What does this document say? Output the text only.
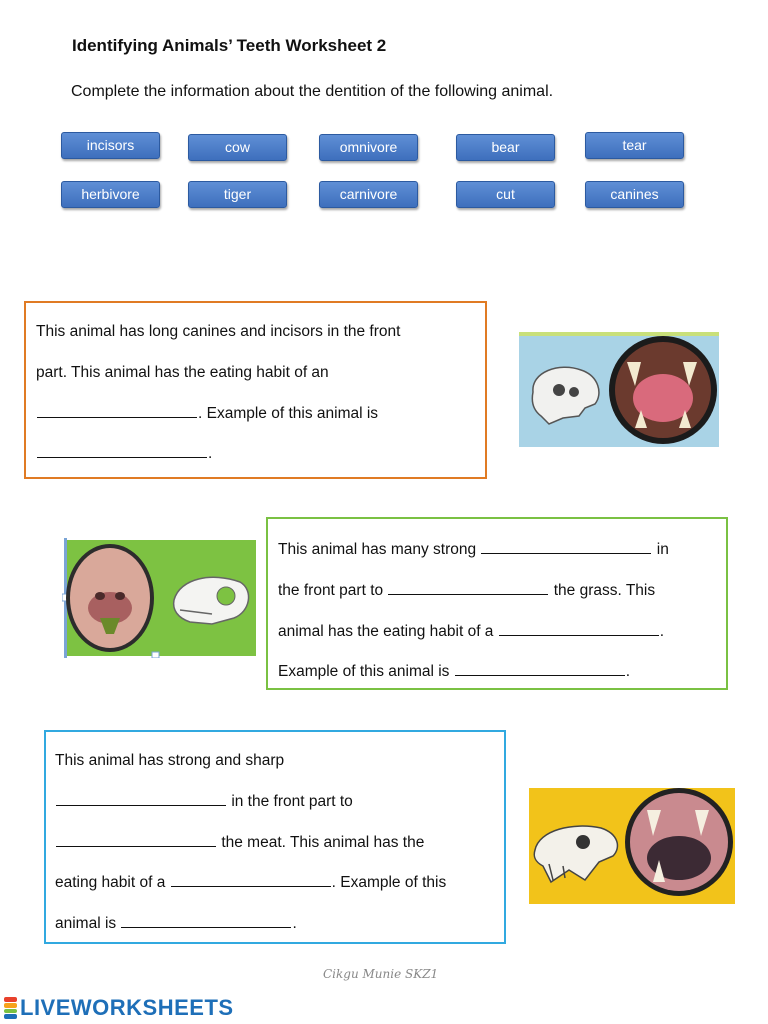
Identifying Animals’ Teeth Worksheet 2
Complete the information about the dentition of the following animal.
incisors	cow	omnivore	bear	tear
herbivore	tiger	carnivore	cut	canines
This animal has long canines and incisors in the front
part. This animal has the eating habit of an
. Example of this animal is
.
This animal has many strong	in
the front part to	the grass. This
animal has the eating habit of a	.
Example of this animal is	.
This animal has strong and sharp
in the front part to
the meat. This animal has the
eating habit of a	. Example of this
animal is	.
Cikgu Munie SKZ1
LIVEWORKSHEETS
